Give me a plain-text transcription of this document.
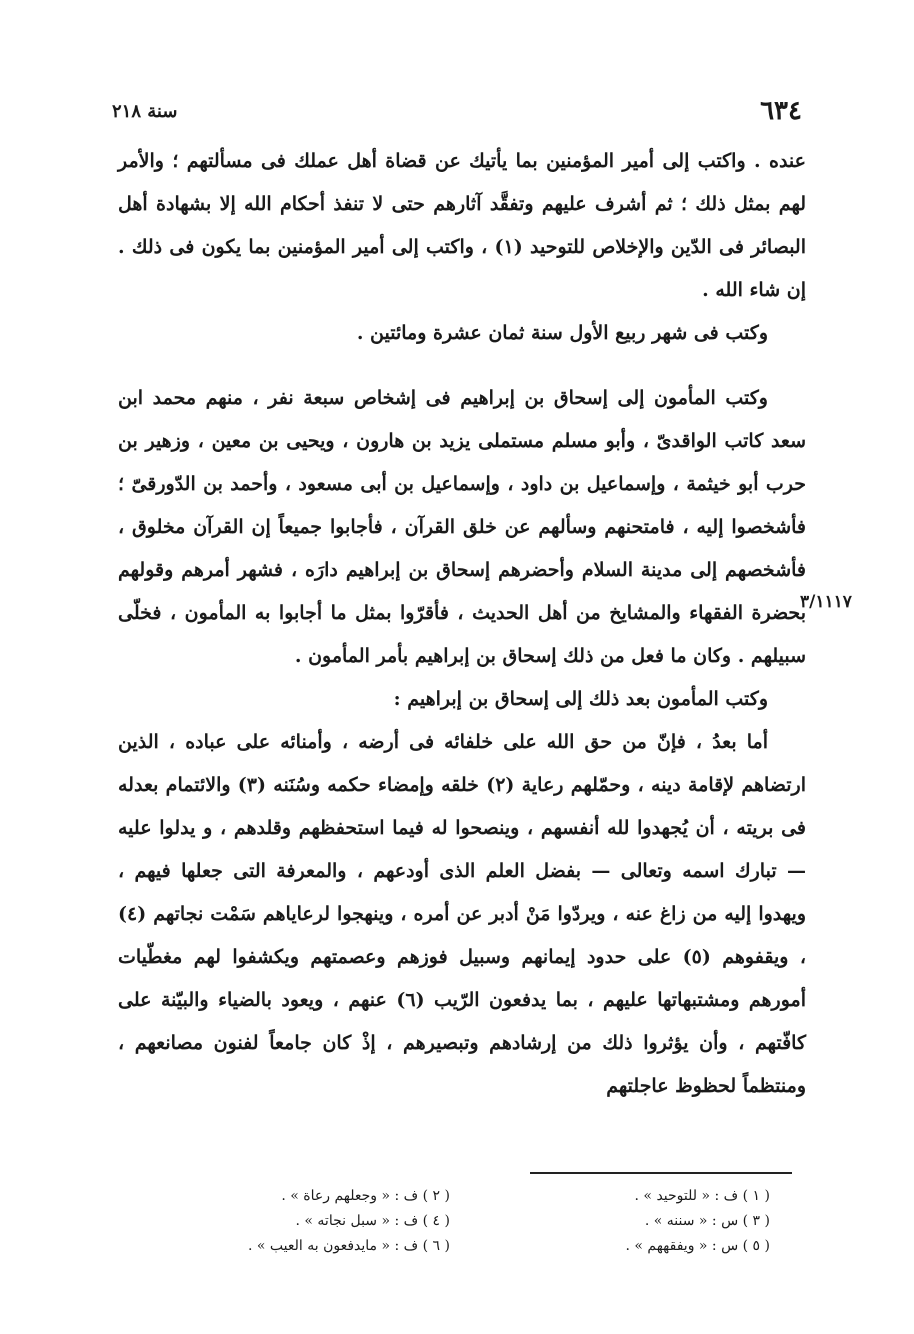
٦٣٤
سنة ٢١٨
٣/١١١٧

عنده . واكتب إلى أمير المؤمنين بما يأتيك عن قضاة أهل عملك فى مسألتهم ؛ والأمر لهم بمثل ذلك ؛ ثم أشرف عليهم وتفقَّد آثارهم حتى لا تنفذ أحكام الله إلا بشهادة أهل البصائر فى الدّين والإخلاص للتوحيد (١) ، واكتب إلى أمير المؤمنين بما يكون فى ذلك . إن شاء الله .

وكتب فى شهر ربيع الأول سنة ثمان عشرة ومائتين .

وكتب المأمون إلى إسحاق بن إبراهيم فى إشخاص سبعة نفر ، منهم محمد ابن سعد كاتب الواقدىّ ، وأبو مسلم مستملى يزيد بن هارون ، ويحيى بن معين ، وزهير بن حرب أبو خيثمة ، وإسماعيل بن داود ، وإسماعيل بن أبى مسعود ، وأحمد بن الدّورقىّ ؛ فأشخصوا إليه ، فامتحنهم وسألهم عن خلق القرآن ، فأجابوا جميعاً إن القرآن مخلوق ، فأشخصهم إلى مدينة السلام وأحضرهم إسحاق بن إبراهيم دارَه ، فشهر أمرهم وقولهم بحضرة الفقهاء والمشايخ من أهل الحديث ، فأقرّوا بمثل ما أجابوا به المأمون ، فخلّى سبيلهم . وكان ما فعل من ذلك إسحاق بن إبراهيم بأمر المأمون .

وكتب المأمون بعد ذلك إلى إسحاق بن إبراهيم :

أما بعدُ ، فإنّ من حق الله على خلفائه فى أرضه ، وأمنائه على عباده ، الذين ارتضاهم لإقامة دينه ، وحمّلهم رعاية (٢) خلقه وإمضاء حكمه وسُنَنه (٣) والائتمام بعدله فى بريته ، أن يُجهدوا لله أنفسهم ، وينصحوا له فيما استحفظهم وقلدهم ، و يدلوا عليه — تبارك اسمه وتعالى — بفضل العلم الذى أودعهم ، والمعرفة التى جعلها فيهم ، ويهدوا إليه من زاغ عنه ، ويردّوا مَنْ أدبر عن أمره ، وينهجوا لرعاياهم سَمْت نجاتهم (٤) ، ويقفوهم (٥) على حدود إيمانهم وسبيل فوزهم وعصمتهم ويكشفوا لهم مغطّيات أمورهم ومشتبهاتها عليهم ، بما يدفعون الرّيب (٦) عنهم ، ويعود بالضياء والبيّنة على كافّتهم ، وأن يؤثروا ذلك من إرشادهم وتبصيرهم ، إذْ كان جامعاً لفنون مصانعهم ، ومنتظماً لحظوظ عاجلتهم

( ١ ) ف : « للتوحيد » .
( ٢ ) ف : « وجعلهم رعاة » .
( ٣ ) س : « سننه » .
( ٤ ) ف : « سبل نجاته » .
( ٥ ) س : « ويفقههم » .
( ٦ ) ف : « مايدفعون به العيب » .
